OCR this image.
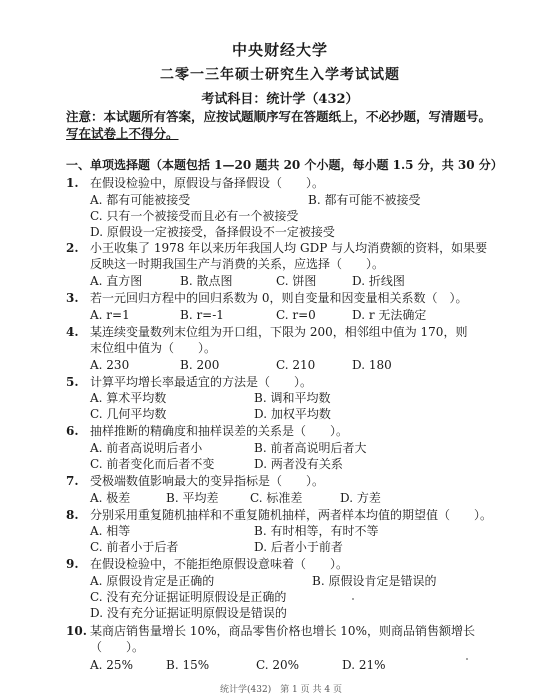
中央财经大学
二零一三年硕士研究生入学考试试题
考试科目：统计学（432）
注意：本试题所有答案，应按试题顺序写在答题纸上，不必抄题，写清题号。
写在试卷上不得分。
一、单项选择题（本题包括 1—20 题共 20 个小题，每小题 1.5 分，共 30 分）
1. 在假设检验中，原假设与备择假设（　　）。
A. 都有可能被接受	B. 都有可能不被接受
C. 只有一个被接受而且必有一个被接受
D. 原假设一定被接受，备择假设不一定被接受
2. 小王收集了 1978 年以来历年我国人均 GDP 与人均消费额的资料，如果要
反映这一时期我国生产与消费的关系，应选择（　　）。
A. 直方图	B. 散点图	C. 饼图	D. 折线图
3. 若一元回归方程中的回归系数为 0，则自变量和因变量相关系数（　）。
A. r=1	B. r=-1	C. r=0	D. r 无法确定
4. 某连续变量数列末位组为开口组，下限为 200，相邻组中值为 170，则
末位组中值为（　　）。
A. 230	B. 200	C. 210	D. 180
5. 计算平均增长率最适宜的方法是（　　）。
A. 算术平均数	B. 调和平均数
C. 几何平均数	D. 加权平均数
6. 抽样推断的精确度和抽样误差的关系是（　　）。
A. 前者高说明后者小	B. 前者高说明后者大
C. 前者变化而后者不变	D. 两者没有关系
7. 受极端数值影响最大的变异指标是（　　）。
A. 极差	B. 平均差	C. 标准差	D. 方差
8. 分别采用重复随机抽样和不重复随机抽样，两者样本均值的期望值（　　）。
A. 相等	B. 有时相等，有时不等
C. 前者小于后者	D. 后者小于前者
9. 在假设检验中，不能拒绝原假设意味着（　　）。
A. 原假设肯定是正确的	B. 原假设肯定是错误的
C. 没有充分证据证明原假设是正确的
D. 没有充分证据证明原假设是错误的
10. 某商店销售量增长 10%，商品零售价格也增长 10%，则商品销售额增长
（　　）。
A. 25%	B. 15%	C. 20%	D. 21%
统计学(432)　第 1 页 共 4 页
